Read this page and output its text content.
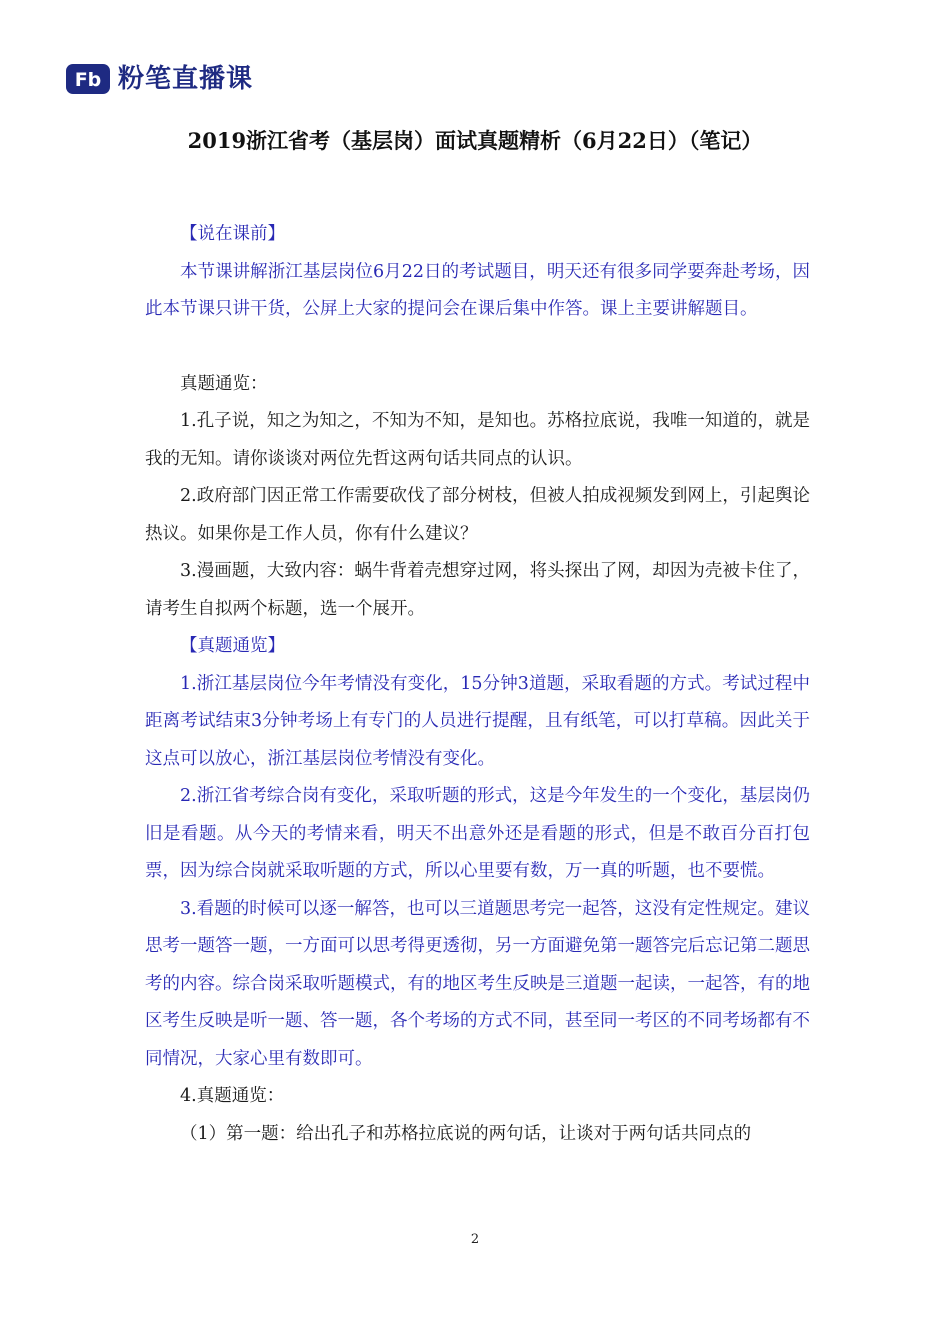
Fb 粉笔直播课
2019浙江省考（基层岗）面试真题精析（6月22日）（笔记）

【说在课前】

本节课讲解浙江基层岗位6月22日的考试题目，明天还有很多同学要奔赴考场，因此本节课只讲干货，公屏上大家的提问会在课后集中作答。课上主要讲解题目。

真题通览：

1.孔子说，知之为知之，不知为不知，是知也。苏格拉底说，我唯一知道的，就是我的无知。请你谈谈对两位先哲这两句话共同点的认识。

2.政府部门因正常工作需要砍伐了部分树枝，但被人拍成视频发到网上，引起舆论热议。如果你是工作人员，你有什么建议？

3.漫画题，大致内容：蜗牛背着壳想穿过网，将头探出了网，却因为壳被卡住了，请考生自拟两个标题，选一个展开。

【真题通览】

1.浙江基层岗位今年考情没有变化，15分钟3道题，采取看题的方式。考试过程中距离考试结束3分钟考场上有专门的人员进行提醒，且有纸笔，可以打草稿。因此关于这点可以放心，浙江基层岗位考情没有变化。

2.浙江省考综合岗有变化，采取听题的形式，这是今年发生的一个变化，基层岗仍旧是看题。从今天的考情来看，明天不出意外还是看题的形式，但是不敢百分百打包票，因为综合岗就采取听题的方式，所以心里要有数，万一真的听题，也不要慌。

3.看题的时候可以逐一解答，也可以三道题思考完一起答，这没有定性规定。建议思考一题答一题，一方面可以思考得更透彻，另一方面避免第一题答完后忘记第二题思考的内容。综合岗采取听题模式，有的地区考生反映是三道题一起读，一起答，有的地区考生反映是听一题、答一题，各个考场的方式不同，甚至同一考区的不同考场都有不同情况，大家心里有数即可。

4.真题通览：

（1）第一题：给出孔子和苏格拉底说的两句话，让谈对于两句话共同点的

2
